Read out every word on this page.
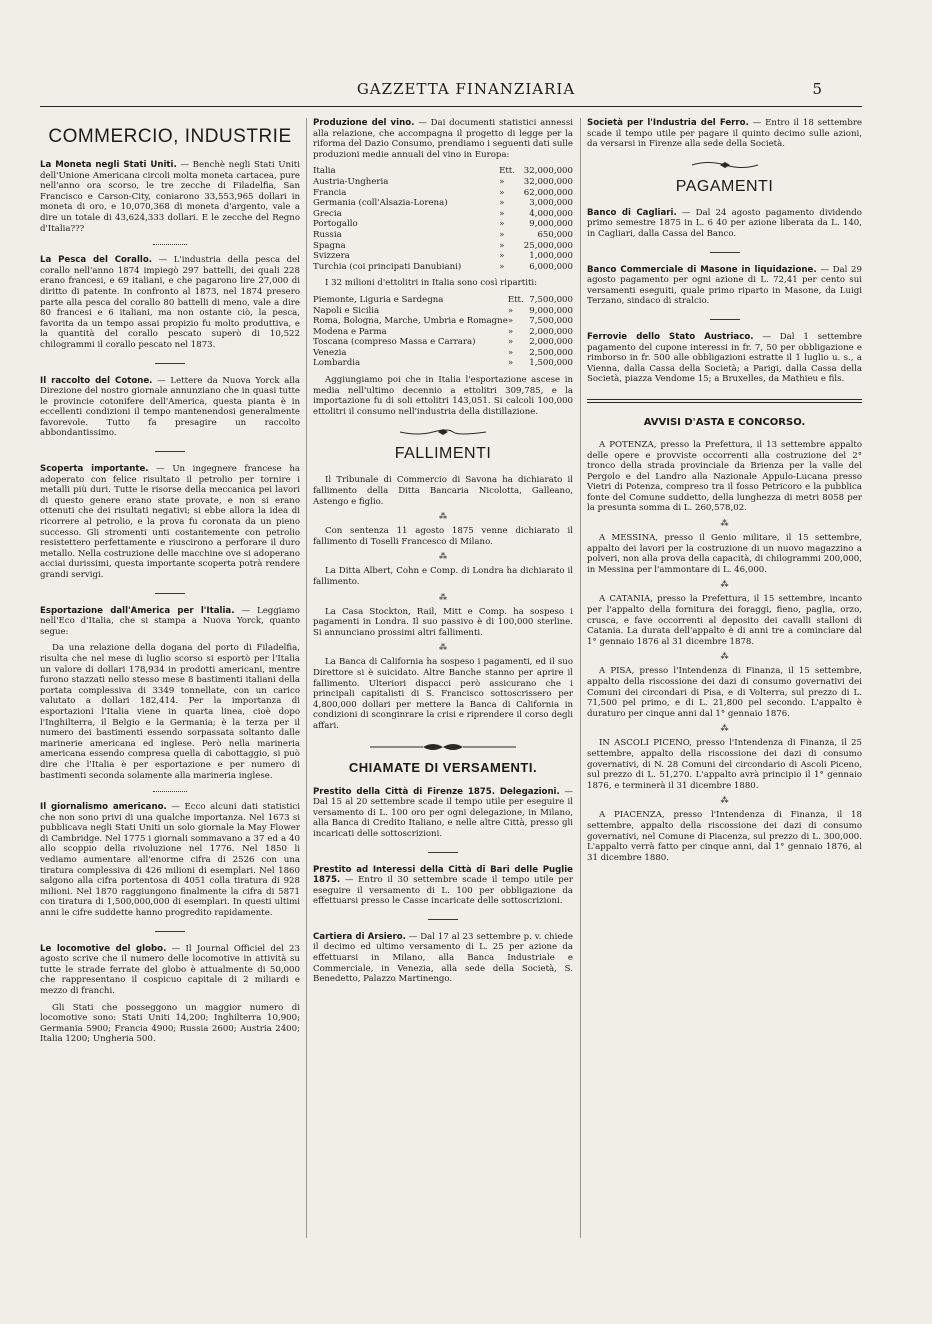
GAZZETTA FINANZIARIA	5
COMMERCIO, INDUSTRIE

La Moneta negli Stati Uniti. — Benchè negli Stati Uniti dell'Unione Americana circoli molta moneta cartacea, pure nell'anno ora scorso, le tre zecche di Filadelfia, San Francisco e Carson-City, coniarono 33,553,965 dollari in moneta di oro, e 10,070,368 di moneta d'argento, vale a dire un totale di 43,624,333 dollari. E le zecche del Regno d'Italia???

La Pesca del Corallo. — L'industria della pesca del corallo nell'anno 1874 impiegò 297 battelli, dei quali 228 erano francesi, e 69 italiani, e che pagarono lire 27,000 di diritto di patente. In confronto al 1873, nel 1874 presero parte alla pesca del corallo 80 battelli di meno, vale a dire 80 francesi e 6 italiani, ma non ostante ciò, la pesca, favorita da un tempo assai propizio fu molto produttiva, e la quantità del corallo pescato superò di 10,522 chilogrammi il corallo pescato nel 1873.

Il raccolto del Cotone. — Lettere da Nuova Yorck alla Direzione del nostro giornale annunziano che in quasi tutte le provincie cotonifere dell'America, questa pianta è in eccellenti condizioni il tempo mantenendosi generalmente favorevole. Tutto fa presagire un raccolto abbondantissimo.

Scoperta importante. — Un ingegnere francese ha adoperato con felice risultato il petrolio per tornire i metalli più duri. Tutte le risorse della meccanica pei lavori di questo genere erano state provate, e non si erano ottenuti che dei risultati negativi; si ebbe allora la idea di ricorrere al petrolio, e la prova fu coronata da un pieno successo. Gli stromenti unti costantemente con petrolio resistettero perfettamente e riuscirono a perforare il duro metallo. Nella costruzione delle macchine ove si adoperano acciai durissimi, questa importante scoperta potrà rendere grandi servigi.

Esportazione dall'America per l'Italia. — Leggiamo nell'Eco d'Italia, che si stampa a Nuova Yorck, quanto segue:

Da una relazione della dogana del porto di Filadelfia, risulta che nel mese di luglio scorso si esportò per l'Italia un valore di dollari 178,934 in prodotti americani, mentre furono stazzati nello stesso mese 8 bastimenti italiani della portata complessiva di 3349 tonnellate, con un carico valutato a dollari 182,414. Per la importanza di esportazioni l'Italia viene in quarta linea, cioè dopo l'Inghilterra, il Belgio e la Germania; è la terza per il numero dei bastimenti essendo sorpassata soltanto dalle marinerie americana ed inglese. Però nella marineria americana essendo compresa quella di cabottaggio, si può dire che l'Italia è per esportazione e per numero di bastimenti seconda solamente alla marineria inglese.

Il giornalismo americano. — Ecco alcuni dati statistici che non sono privi di una qualche importanza. Nel 1673 si pubblicava negli Stati Uniti un solo giornale la May Flower di Cambridge. Nel 1775 i giornali sommavano a 37 ed a 40 allo scoppio della rivoluzione nel 1776. Nel 1850 li vediamo aumentare all'enorme cifra di 2526 con una tiratura complessiva di 426 milioni di esemplari. Nel 1860 salgono alla cifra portentosa di 4051 colla tiratura di 928 milioni. Nel 1870 raggiungono finalmente la cifra di 5871 con tiratura di 1,500,000,000 di esemplari. In questi ultimi anni le cifre suddette hanno progredito rapidamente.

Le locomotive del globo. — Il Journal Officiel del 23 agosto scrive che il numero delle locomotive in attività su tutte le strade ferrate del globo è attualmente di 50,000 che rappresentano il cospicuo capitale di 2 miliardi e mezzo di franchi.

Gli Stati che posseggono un maggior numero di locomotive sono: Stati Uniti 14,200; Inghilterra 10,900; Germania 5900; Francia 4900; Russia 2600; Austria 2400; Italia 1200; Ungheria 500.

Produzione del vino. — Dai documenti statistici annessi alla relazione, che accompagna il progetto di legge per la riforma del Dazio Consumo, prendiamo i seguenti dati sulle produzioni medie annuali del vino in Europa:

Italia	Ett.	32,000,000
Austria-Ungheria	»	32,000,000
Francia	»	62,000,000
Germania (coll'Alsazia-Lorena)	»	3,000,000
Grecia	»	4,000,000
Portogallo	»	9,000,000
Russia	»	650,000
Spagna	»	25,000,000
Svizzera	»	1,000,000
Turchia (coi principati Danubiani)	»	6,000,000

I 32 milioni d'ettolitri in Italia sono così ripartiti:

Piemonte, Liguria e Sardegna	Ett.	7,500,000
Napoli e Sicilia	»	9,000,000
Roma, Bologna, Marche, Umbria e Romagne	»	7,500,000
Modena e Parma	»	2,000,000
Toscana (compreso Massa e Carrara)	»	2,000,000
Venezia	»	2,500,000
Lombardia	»	1,500,000

Aggiungiamo poi che in Italia l'esportazione ascese in media nell'ultimo decennio a ettolitri 309,785, e la importazione fu di soli ettolitri 143,051. Si calcoli 100,000 ettolitri il consumo nell'industria della distillazione.

FALLIMENTI

Il Tribunale di Commercio di Savona ha dichiarato il fallimento della Ditta Bancaria Nicolotta, Galleano, Astengo e figlio.

⁂

Con sentenza 11 agosto 1875 venne dichiarato il fallimento di Toselli Francesco di Milano.

⁂

La Ditta Albert, Cohn e Comp. di Londra ha dichiarato il fallimento.

⁂

La Casa Stockton, Rail, Mitt e Comp. ha sospeso i pagamenti in Londra. Il suo passivo è di 100,000 sterline. Si annunciano prossimi altri fallimenti.

⁂

La Banca di California ha sospeso i pagamenti, ed il suo Direttore si è suicidato. Altre Banche stanno per aprire il fallimento. Ulteriori dispacci però assicurano che i principali capitalisti di S. Francisco sottoscrissero per 4,800,000 dollari per mettere la Banca di California in condizioni di sconginrare la crisi e riprendere il corso degli affari.

CHIAMATE DI VERSAMENTI.

Prestito della Città di Firenze 1875. Delegazioni. — Dal 15 al 20 settembre scade il tempo utile per eseguire il versamento di L. 100 oro per ogni delegazione, in Milano, alla Banca di Credito Italiano, e nelle altre Città, presso gli incaricati delle sottoscrizioni.

Prestito ad Interessi della Città di Bari delle Puglie 1875. — Entro il 30 settembre scade il tempo utile per eseguire il versamento di L. 100 per obbligazione da effettuarsi presso le Casse incaricate delle sottoscrizioni.

Cartiera di Arsiero. — Dal 17 al 23 settembre p. v. chiede il decimo ed ultimo versamento di L. 25 per azione da effettuarsi in Milano, alla Banca Industriale e Commerciale, in Venezia, alla sede della Società, S. Benedetto, Palazzo Martinengo.

Società per l'Industria del Ferro. — Entro il 18 settembre scade il tempo utile per pagare il quinto decimo sulle azioni, da versarsi in Firenze alla sede della Società.

PAGAMENTI

Banco di Cagliari. — Dal 24 agosto pagamento dividendo primo semestre 1875 in L. 6 40 per azione liberata da L. 140, in Cagliari, dalla Cassa del Banco.

Banco Commerciale di Masone in liquidazione. — Dal 29 agosto pagamento per ogni azione di L. 72,41 per cento sui versamenti eseguiti, quale primo riparto in Masone, da Luigi Terzano, sindaco di stralcio.

Ferrovie dello Stato Austriaco. — Dal 1 settembre pagamento del cupone interessi in fr. 7, 50 per obbligazione e rimborso in fr. 500 alle obbligazioni estratte il 1 luglio u. s., a Vienna, dalla Cassa della Società; a Parigi, dalla Cassa della Società, piazza Vendome 15; a Bruxelles, da Mathieu e fils.

AVVISI D'ASTA E CONCORSO.

A POTENZA, presso la Prefettura, il 13 settembre appalto delle opere e provviste occorrenti alla costruzione del 2° tronco della strada provinciale da Brienza per la valle del Pergolo e del Landro alla Nazionale Appulo-Lucana presso Vietri di Potenza, compreso tra il fosso Petricoro e la pubblica fonte del Comune suddetto, della lunghezza di metri 8058 per la presunta somma di L. 260,578,02.

⁂

A MESSINA, presso il Genio militare, il 15 settembre, appalto dei lavori per la costruzione di un nuovo magazzino a polveri, non alla prova della capacità, di chilogrammi 200,000, in Messina per l'ammontare di L. 46,000.

⁂

A CATANIA, presso la Prefettura, il 15 settembre, incanto per l'appalto della fornitura dei foraggi, fieno, paglia, orzo, crusca, e fave occorrenti al deposito dei cavalli stalloni di Catania. La durata dell'appalto è di anni tre a cominciare dal 1° gennaio 1876 al 31 dicembre 1878.

⁂

A PISA, presso l'Intendenza di Finanza, il 15 settembre, appalto della riscossione dei dazi di consumo governativi dei Comuni dei circondari di Pisa, e di Volterra, sul prezzo di L. 71,500 pel primo, e di L. 21,800 pel secondo. L'appalto è duraturo per cinque anni dal 1° gennaio 1876.

⁂

IN ASCOLI PICENO, presso l'Intendenza di Finanza, il 25 settembre, appalto della riscossione dei dazi di consumo governativi, di N. 28 Comuni del circondario di Ascoli Piceno, sul prezzo di L. 51,270. L'appalto avrà principio il 1° gennaio 1876, e terminerà il 31 dicembre 1880.

⁂

A PIACENZA, presso l'Intendenza di Finanza, il 18 settembre, appalto della riscossione dei dazi di consumo governativi, nel Comune di Piacenza, sul prezzo di L. 300,000. L'appalto verrà fatto per cinque anni, dal 1° gennaio 1876, al 31 dicembre 1880.
